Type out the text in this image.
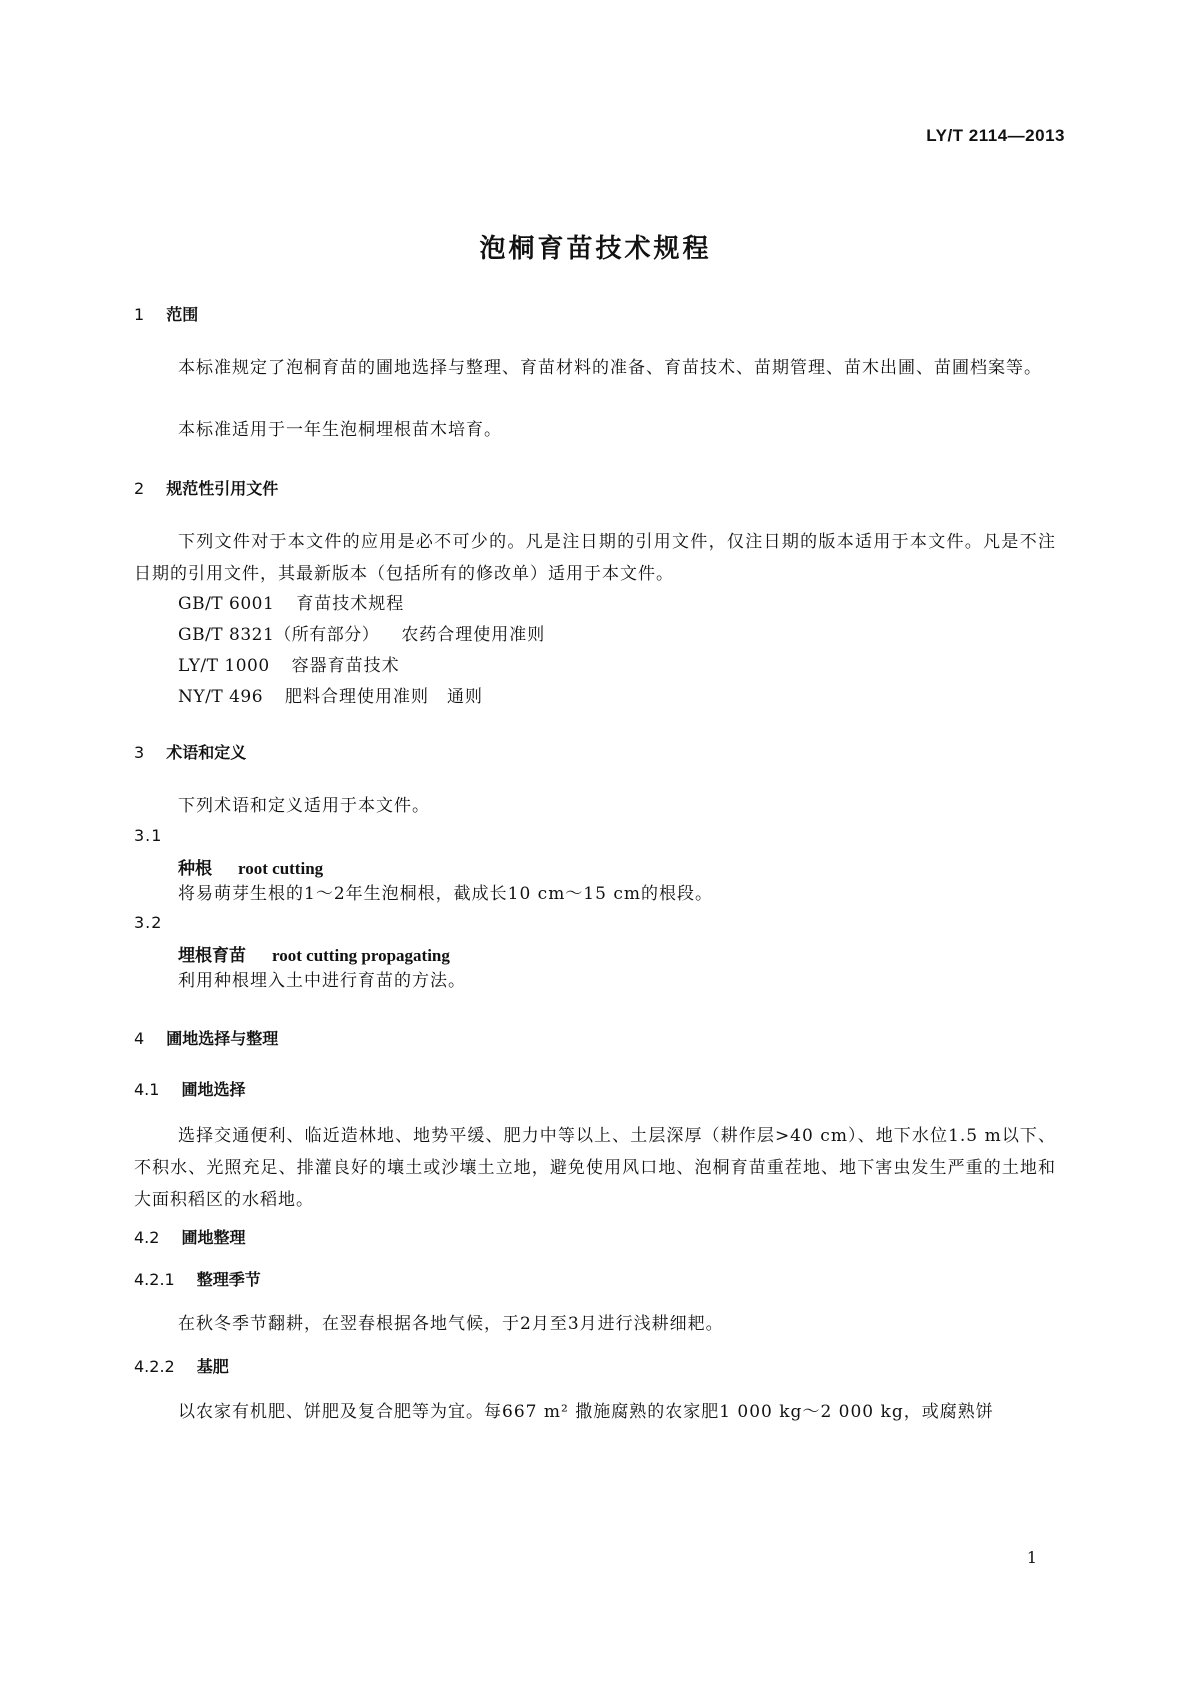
LY/T 2114—2013
泡桐育苗技术规程
1 范围
本标准规定了泡桐育苗的圃地选择与整理、育苗材料的准备、育苗技术、苗期管理、苗木出圃、苗圃档案等。
本标准适用于一年生泡桐埋根苗木培育。
2 规范性引用文件
下列文件对于本文件的应用是必不可少的。凡是注日期的引用文件，仅注日期的版本适用于本文件。凡是不注日期的引用文件，其最新版本（包括所有的修改单）适用于本文件。
GB/T 6001 育苗技术规程
GB/T 8321（所有部分） 农药合理使用准则
LY/T 1000 容器育苗技术
NY/T 496 肥料合理使用准则　通则
3 术语和定义
下列术语和定义适用于本文件。
3.1
种根 root cutting
将易萌芽生根的1～2年生泡桐根，截成长10 cm～15 cm的根段。
3.2
埋根育苗 root cutting propagating
利用种根埋入土中进行育苗的方法。
4 圃地选择与整理
4.1 圃地选择
选择交通便利、临近造林地、地势平缓、肥力中等以上、土层深厚（耕作层>40 cm）、地下水位1.5 m以下、不积水、光照充足、排灌良好的壤土或沙壤土立地，避免使用风口地、泡桐育苗重茬地、地下害虫发生严重的土地和大面积稻区的水稻地。
4.2 圃地整理
4.2.1 整理季节
在秋冬季节翻耕，在翌春根据各地气候，于2月至3月进行浅耕细耙。
4.2.2 基肥
以农家有机肥、饼肥及复合肥等为宜。每667 m² 撒施腐熟的农家肥1 000 kg～2 000 kg，或腐熟饼
1
